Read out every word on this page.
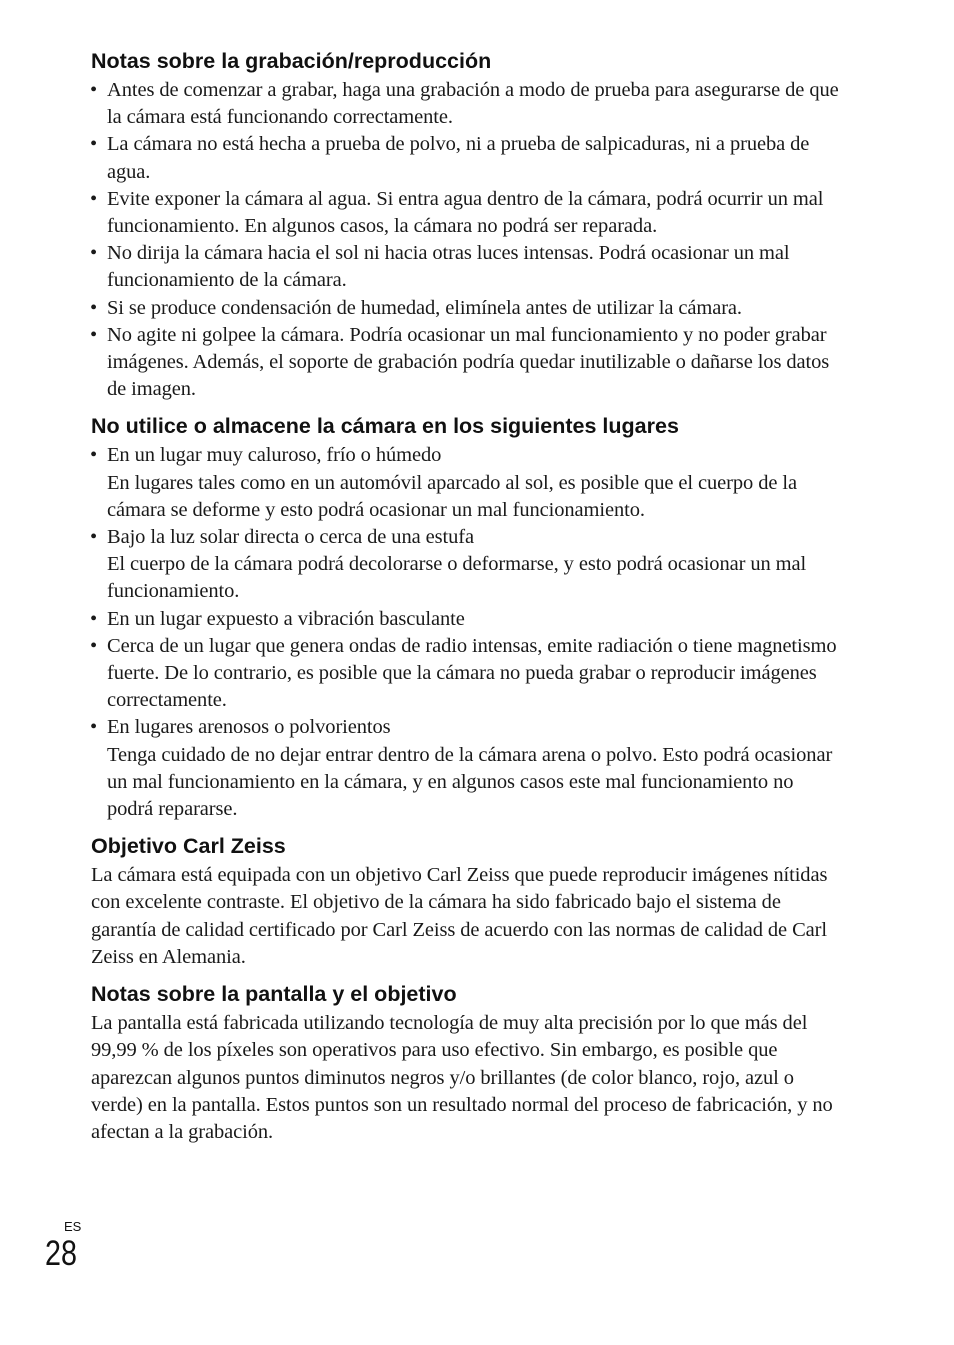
Notas sobre la grabación/reproducción
• Antes de comenzar a grabar, haga una grabación a modo de prueba para asegurarse de que la cámara está funcionando correctamente.
• La cámara no está hecha a prueba de polvo, ni a prueba de salpicaduras, ni a prueba de agua.
• Evite exponer la cámara al agua. Si entra agua dentro de la cámara, podrá ocurrir un mal funcionamiento. En algunos casos, la cámara no podrá ser reparada.
• No dirija la cámara hacia el sol ni hacia otras luces intensas. Podrá ocasionar un mal funcionamiento de la cámara.
• Si se produce condensación de humedad, elimínela antes de utilizar la cámara.
• No agite ni golpee la cámara. Podría ocasionar un mal funcionamiento y no poder grabar imágenes. Además, el soporte de grabación podría quedar inutilizable o dañarse los datos de imagen.
No utilice o almacene la cámara en los siguientes lugares
• En un lugar muy caluroso, frío o húmedo
En lugares tales como en un automóvil aparcado al sol, es posible que el cuerpo de la cámara se deforme y esto podrá ocasionar un mal funcionamiento.
• Bajo la luz solar directa o cerca de una estufa
El cuerpo de la cámara podrá decolorarse o deformarse, y esto podrá ocasionar un mal funcionamiento.
• En un lugar expuesto a vibración basculante
• Cerca de un lugar que genera ondas de radio intensas, emite radiación o tiene magnetismo fuerte. De lo contrario, es posible que la cámara no pueda grabar o reproducir imágenes correctamente.
• En lugares arenosos o polvorientos
Tenga cuidado de no dejar entrar dentro de la cámara arena o polvo. Esto podrá ocasionar un mal funcionamiento en la cámara, y en algunos casos este mal funcionamiento no podrá repararse.
Objetivo Carl Zeiss

La cámara está equipada con un objetivo Carl Zeiss que puede reproducir imágenes nítidas con excelente contraste. El objetivo de la cámara ha sido fabricado bajo el sistema de garantía de calidad certificado por Carl Zeiss de acuerdo con las normas de calidad de Carl Zeiss en Alemania.

Notas sobre la pantalla y el objetivo

La pantalla está fabricada utilizando tecnología de muy alta precisión por lo que más del 99,99 % de los píxeles son operativos para uso efectivo. Sin embargo, es posible que aparezcan algunos puntos diminutos negros y/o brillantes (de color blanco, rojo, azul o verde) en la pantalla. Estos puntos son un resultado normal del proceso de fabricación, y no afectan a la grabación.

ES
28
